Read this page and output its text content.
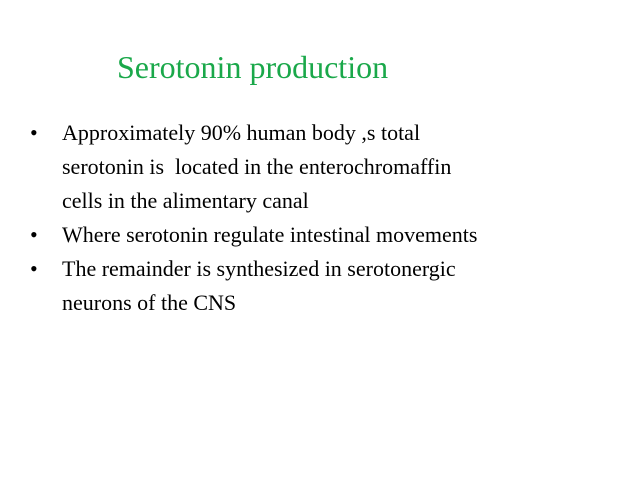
Serotonin production
•	Approximately 90% human body ,s total
serotonin is  located in the enterochromaffin
cells in the alimentary canal
•	Where serotonin regulate intestinal movements
•	The remainder is synthesized in serotonergic
neurons of the CNS
